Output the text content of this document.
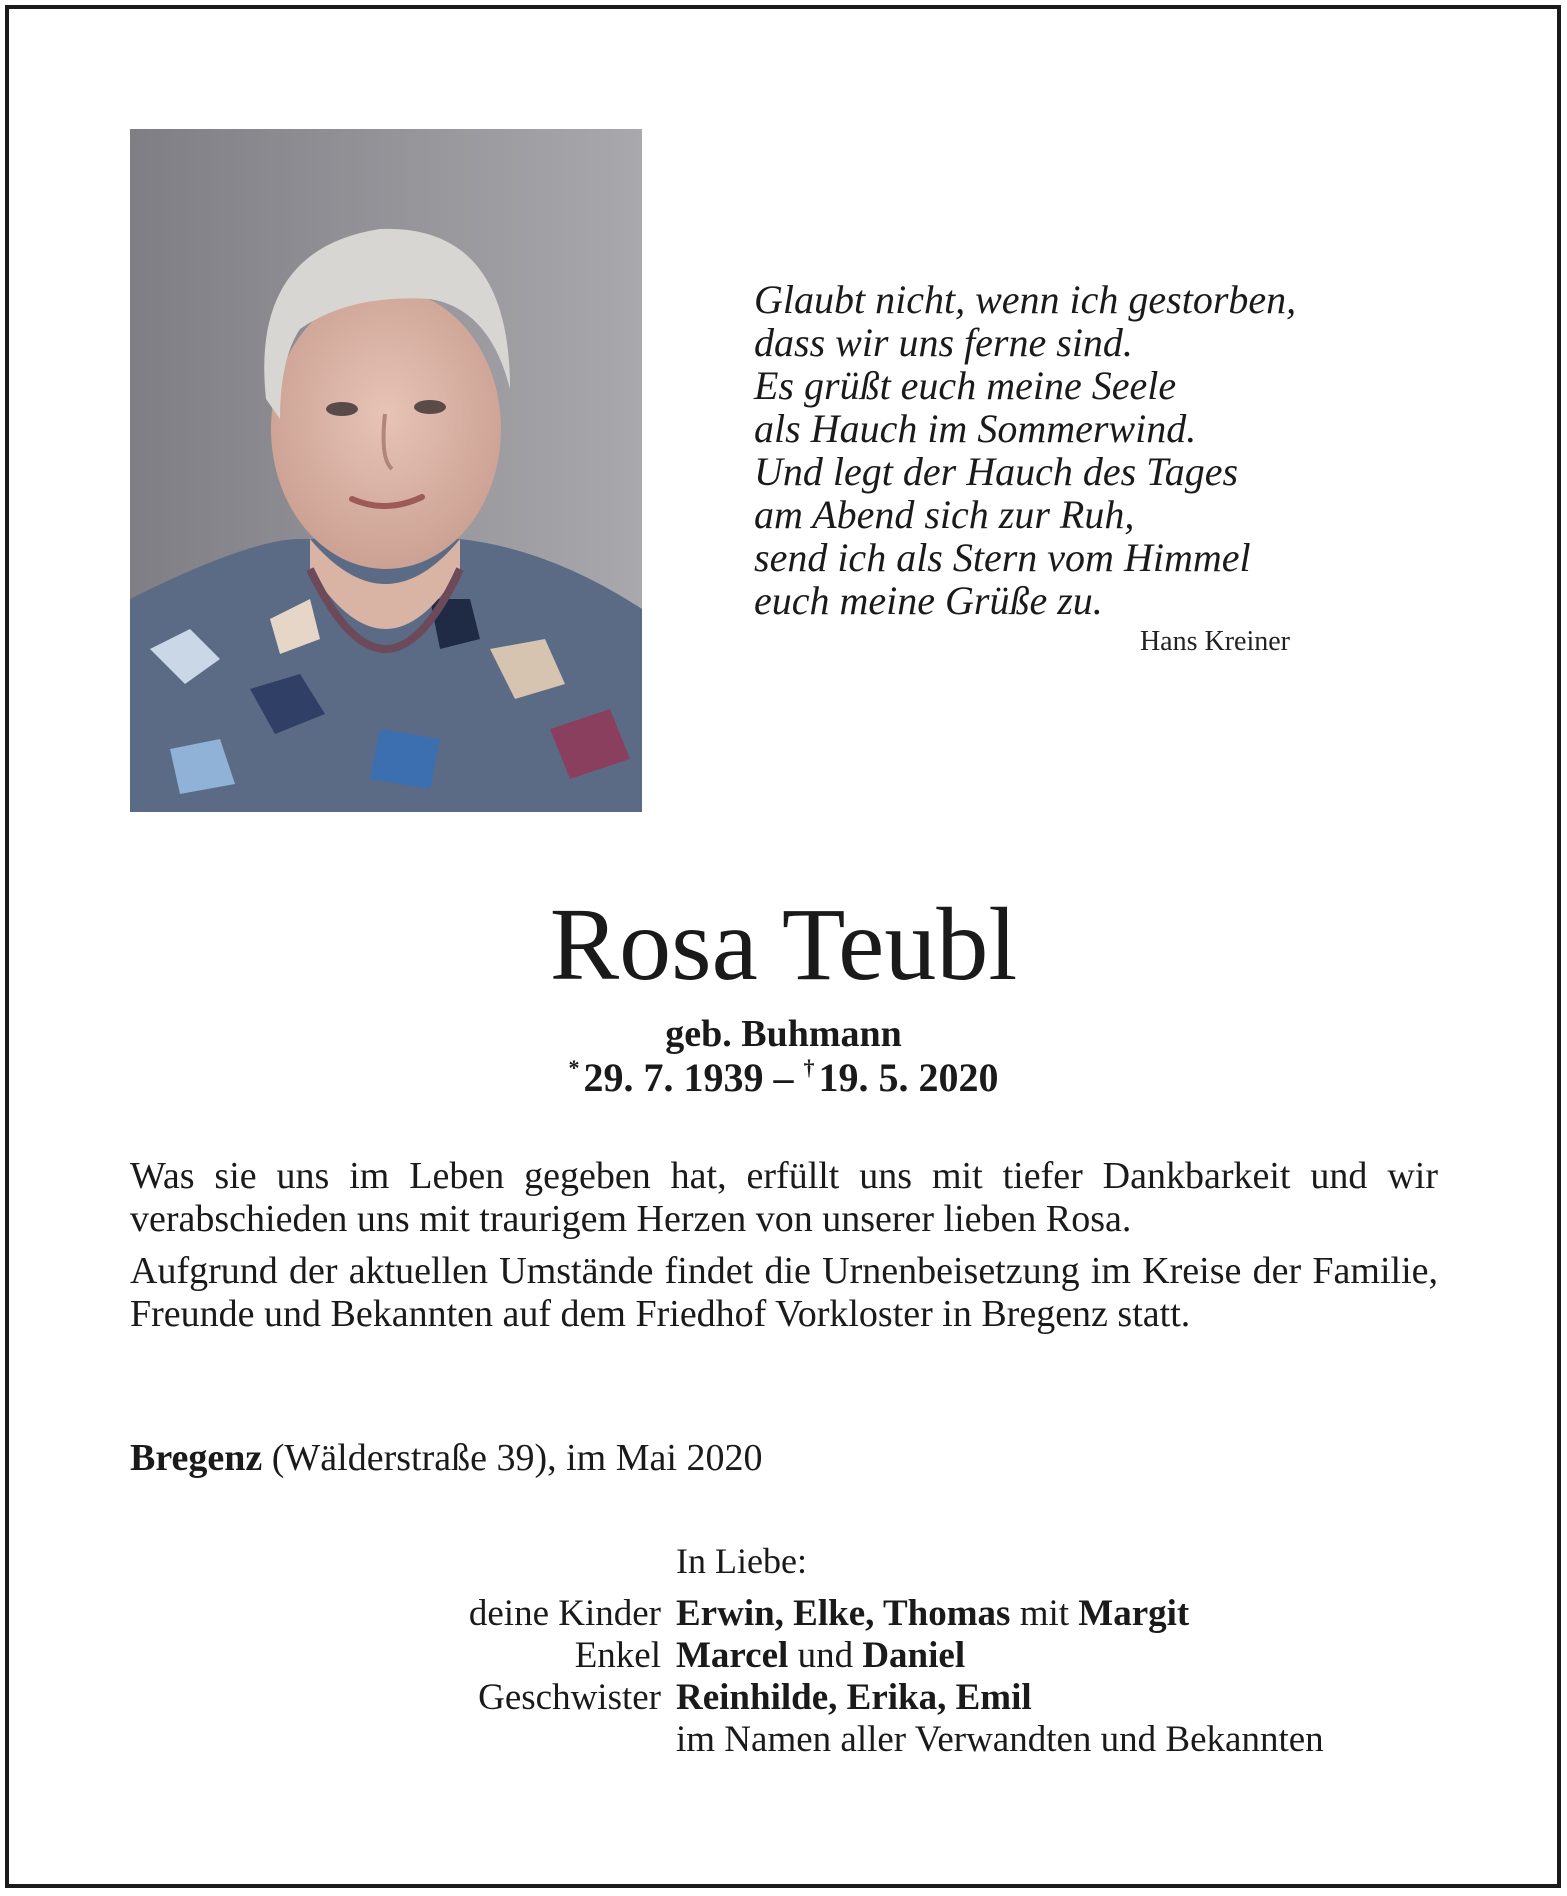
Glaubt nicht, wenn ich gestorben,
dass wir uns ferne sind.
Es grüßt euch meine Seele
als Hauch im Sommerwind.
Und legt der Hauch des Tages
am Abend sich zur Ruh,
send ich als Stern vom Himmel
euch meine Grüße zu.
Hans Kreiner
Rosa Teubl
geb. Buhmann
* 29. 7. 1939 – † 19. 5. 2020
Was sie uns im Leben gegeben hat, erfüllt uns mit tiefer Dankbarkeit und wir verabschieden uns mit traurigem Herzen von unserer lieben Rosa.
Aufgrund der aktuellen Umstände findet die Urnenbeisetzung im Kreise der Familie, Freunde und Bekannten auf dem Friedhof Vorkloster in Bregenz statt.
Bregenz (Wälderstraße 39), im Mai 2020
In Liebe:
deine Kinder Erwin, Elke, Thomas mit Margit
Enkel Marcel und Daniel
Geschwister Reinhilde, Erika, Emil
im Namen aller Verwandten und Bekannten
